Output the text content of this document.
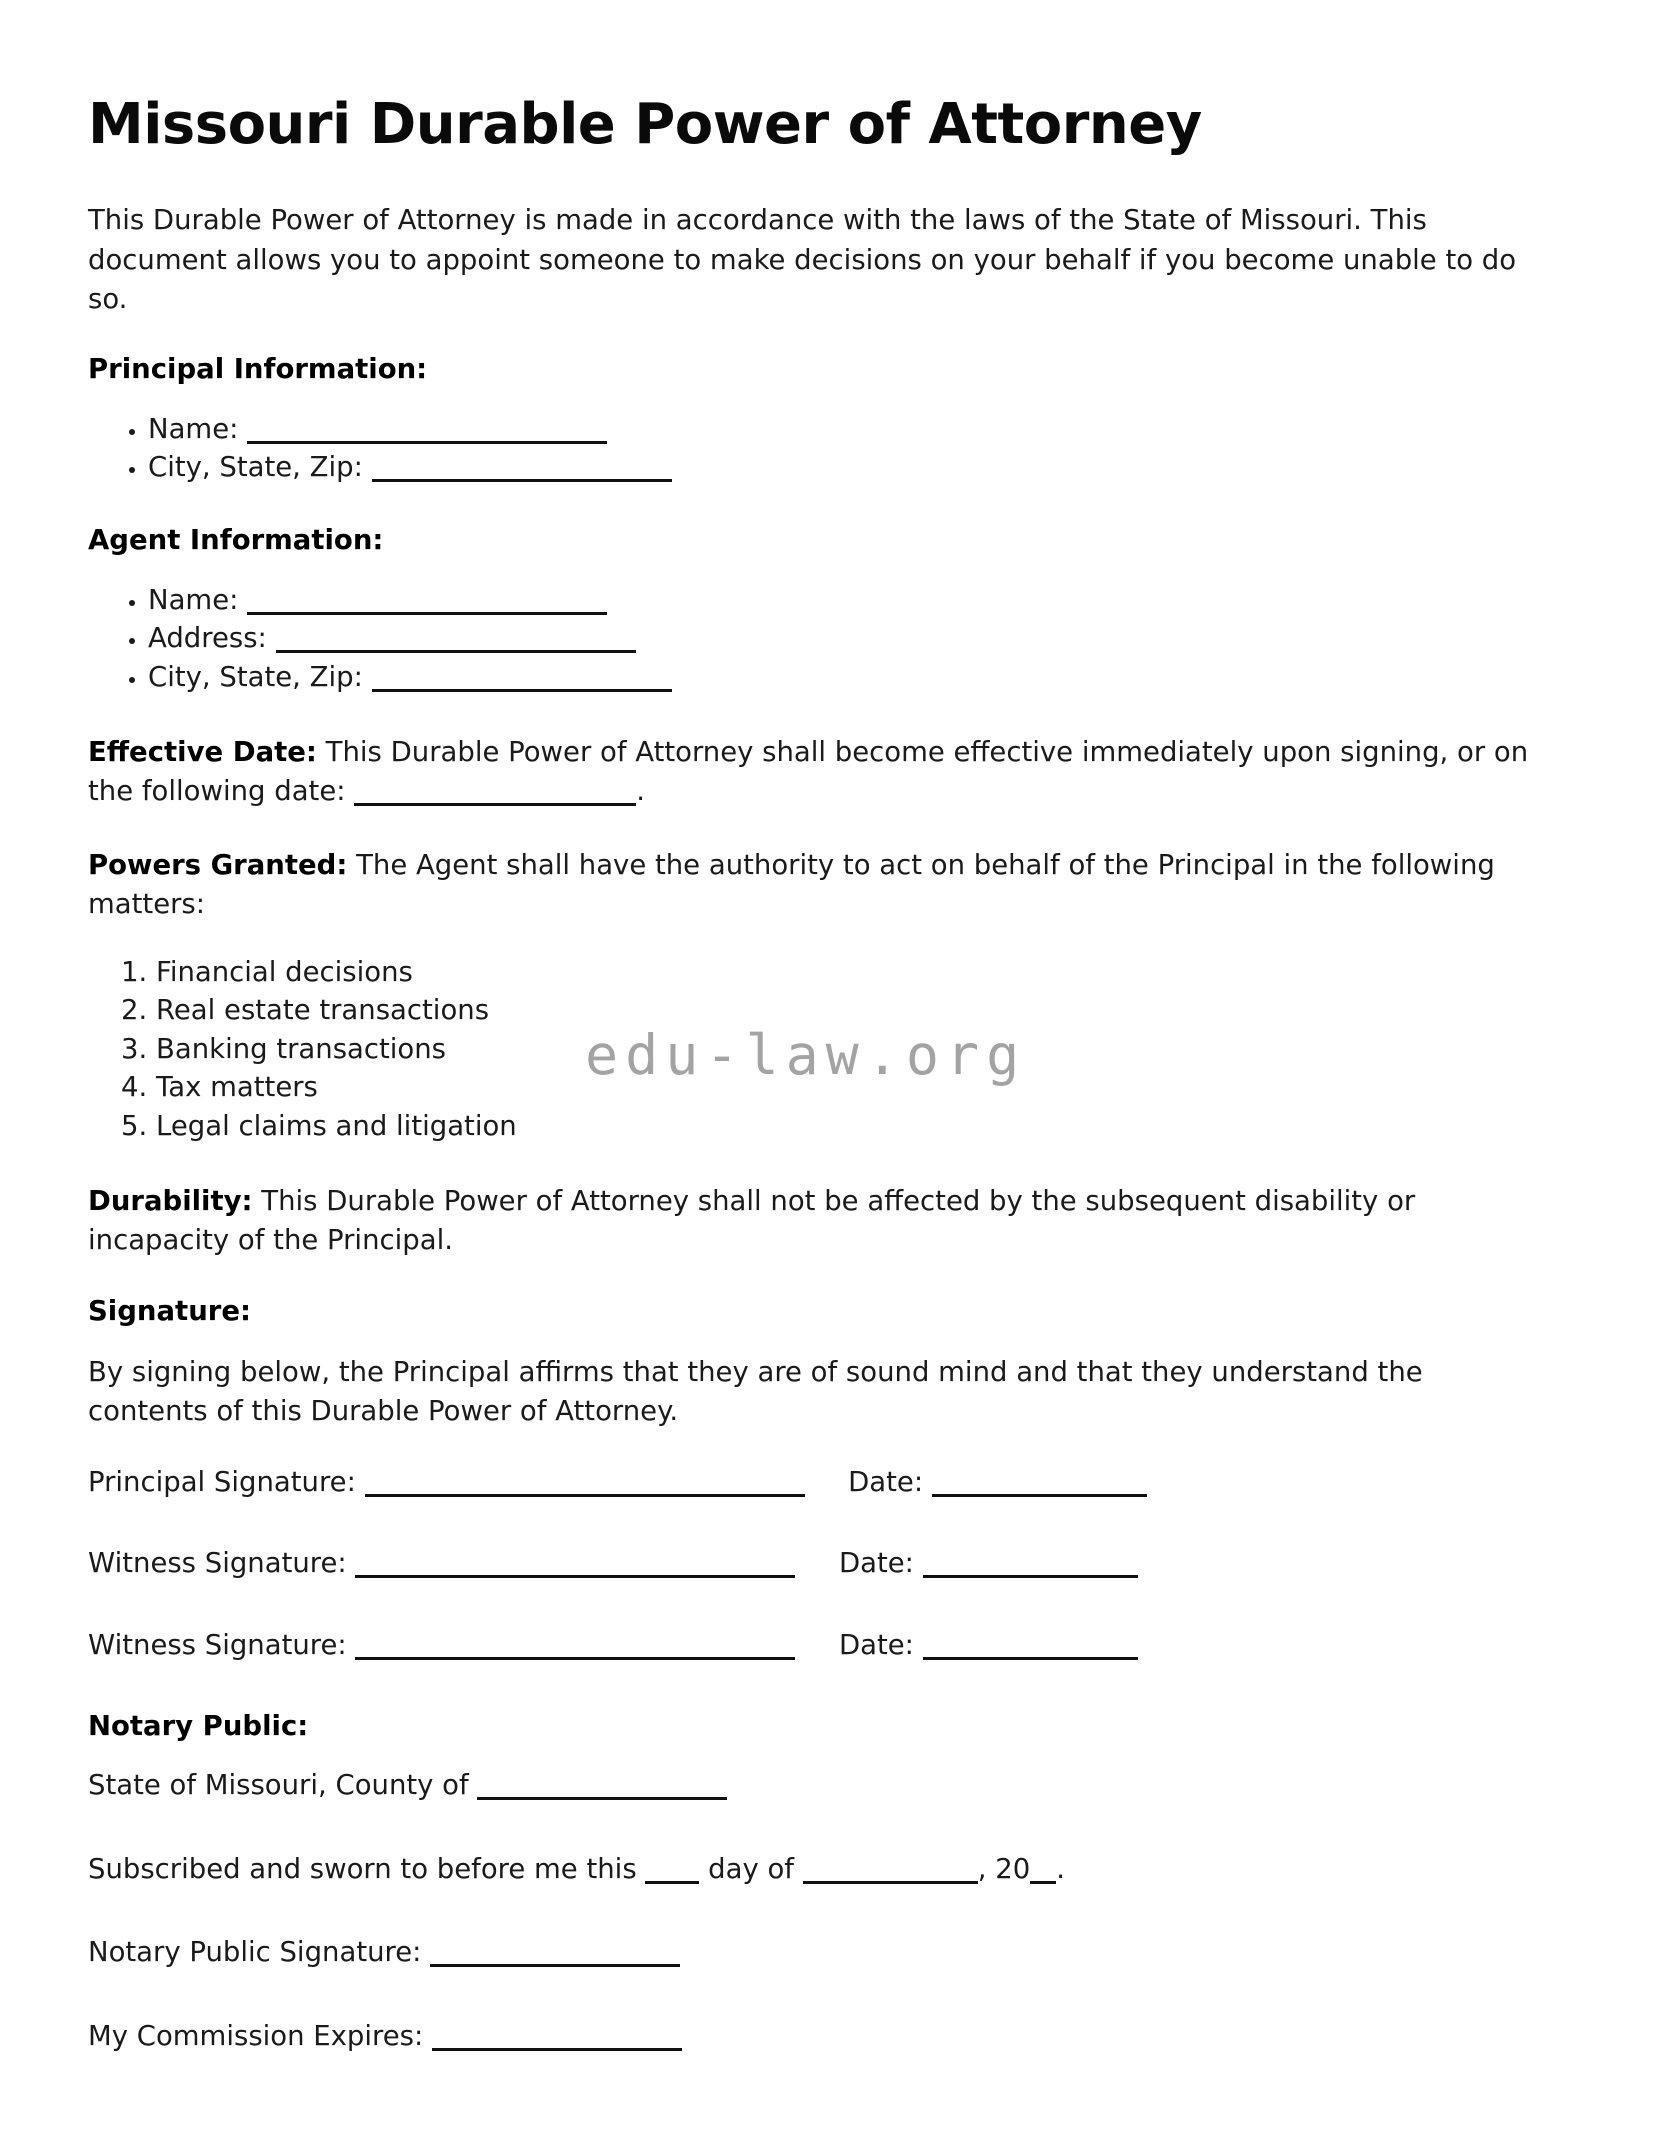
Missouri Durable Power of Attorney

This Durable Power of Attorney is made in accordance with the laws of the State of Missouri. This document allows you to appoint someone to make decisions on your behalf if you become unable to do so.

Principal Information:
• Name:
• City, State, Zip:
Agent Information:
• Name:
• Address:
• City, State, Zip:

Effective Date: This Durable Power of Attorney shall become effective immediately upon signing, or on the following date:	.

Powers Granted: The Agent shall have the authority to act on behalf of the Principal in the following matters:

1. Financial decisions
2. Real estate transactions
3. Banking transactions
4. Tax matters
5. Legal claims and litigation

Durability: This Durable Power of Attorney shall not be affected by the subsequent disability or incapacity of the Principal.

Signature:

By signing below, the Principal affirms that they are of sound mind and that they understand the contents of this Durable Power of Attorney.

Principal Signature:	Date:

Witness Signature:	Date:

Witness Signature:	Date:

Notary Public:

State of Missouri, County of

Subscribed and sworn to before me this  day of	, 20 .

Notary Public Signature:

My Commission Expires:

edu-law.org
